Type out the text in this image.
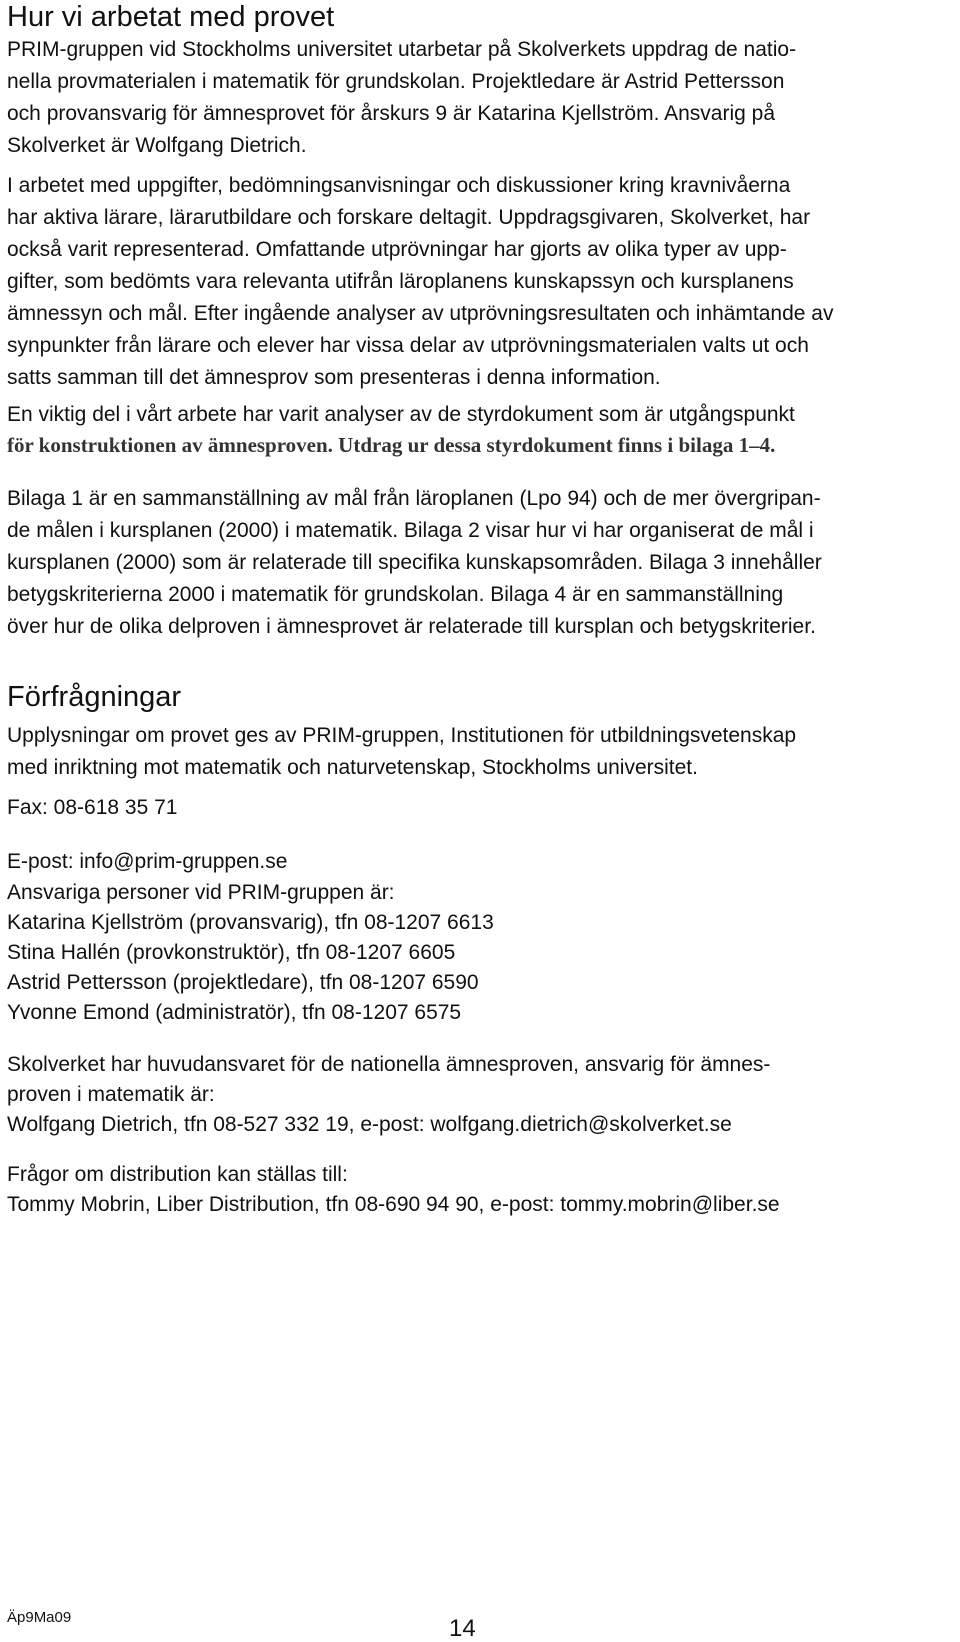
Hur vi arbetat med provet
PRIM-gruppen vid Stockholms universitet utarbetar på Skolverkets uppdrag de natio-
nella provmaterialen i matematik för grundskolan. Projektledare är Astrid Pettersson
och provansvarig för ämnesprovet för årskurs 9 är Katarina Kjellström. Ansvarig på
Skolverket är Wolfgang Dietrich.
I arbetet med uppgifter, bedömningsanvisningar och diskussioner kring kravnivåerna
har aktiva lärare, lärarutbildare och forskare deltagit. Uppdragsgivaren, Skolverket, har
också varit representerad. Omfattande utprövningar har gjorts av olika typer av upp-
gifter, som bedömts vara relevanta utifrån läroplanens kunskapssyn och kursplanens
ämnessyn och mål. Efter ingående analyser av utprövningsresultaten och inhämtande av
synpunkter från lärare och elever har vissa delar av utprövningsmaterialen valts ut och
satts samman till det ämnesprov som presenteras i denna information.

En viktig del i vårt arbete har varit analyser av de styrdokument som är utgångspunkt

för konstruktionen av ämnesproven. Utdrag ur dessa styrdokument finns i bilaga 1–4.

Bilaga 1 är en sammanställning av mål från läroplanen (Lpo 94) och de mer övergripan-
de målen i kursplanen (2000) i matematik. Bilaga 2 visar hur vi har organiserat de mål i
kursplanen (2000) som är relaterade till specifika kunskapsområden. Bilaga 3 innehåller
betygskriterierna 2000 i matematik för grundskolan. Bilaga 4 är en sammanställning
över hur de olika delproven i ämnesprovet är relaterade till kursplan och betygskriterier.
Förfrågningar
Upplysningar om provet ges av PRIM-gruppen, Institutionen för utbildningsvetenskap
med inriktning mot matematik och naturvetenskap, Stockholms universitet.

Fax: 08-618 35 71

E-post: info@prim-gruppen.se

Ansvariga personer vid PRIM-gruppen är:

Katarina Kjellström (provansvarig), tfn 08-1207 6613

Stina Hallén (provkonstruktör), tfn 08-1207 6605

Astrid Pettersson (projektledare), tfn 08-1207 6590

Yvonne Emond (administratör), tfn 08-1207 6575

Skolverket har huvudansvaret för de nationella ämnesproven, ansvarig för ämnes-

proven i matematik är:

Wolfgang Dietrich, tfn 08-527 332 19, e-post: wolfgang.dietrich@skolverket.se

Frågor om distribution kan ställas till:

Tommy Mobrin, Liber Distribution, tfn 08-690 94 90, e-post: tommy.mobrin@liber.se

Äp9Ma09	14
